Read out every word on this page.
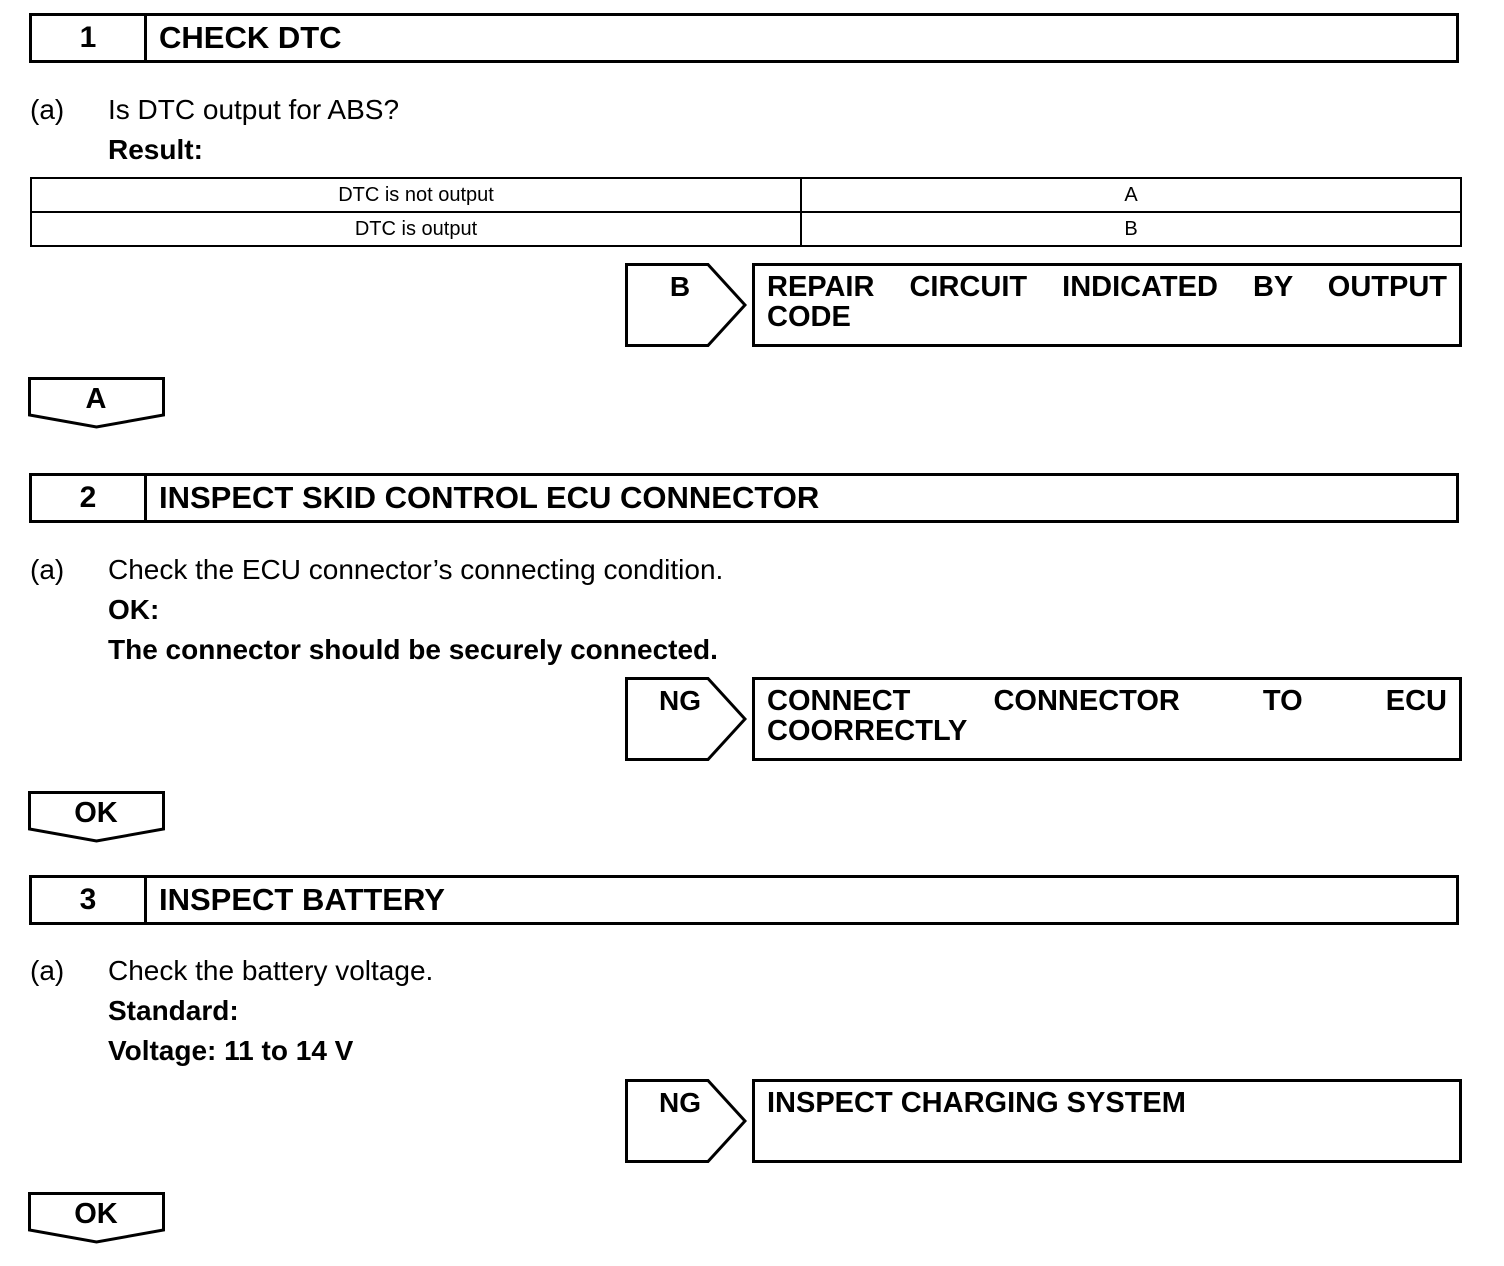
1	CHECK DTC
(a) Is DTC output for ABS?
Result:
DTC is not output	A
DTC is output	B
B	REPAIR CIRCUIT INDICATED BY OUTPUT
CODE
A
2	INSPECT SKID CONTROL ECU CONNECTOR
(a) Check the ECU connector’s connecting condition.
OK:
The connector should be securely connected.
NG	CONNECT CONNECTOR TO ECU
COORRECTLY
OK
3	INSPECT BATTERY
(a) Check the battery voltage.
Standard:
Voltage: 11 to 14 V
NG	INSPECT CHARGING SYSTEM
OK
